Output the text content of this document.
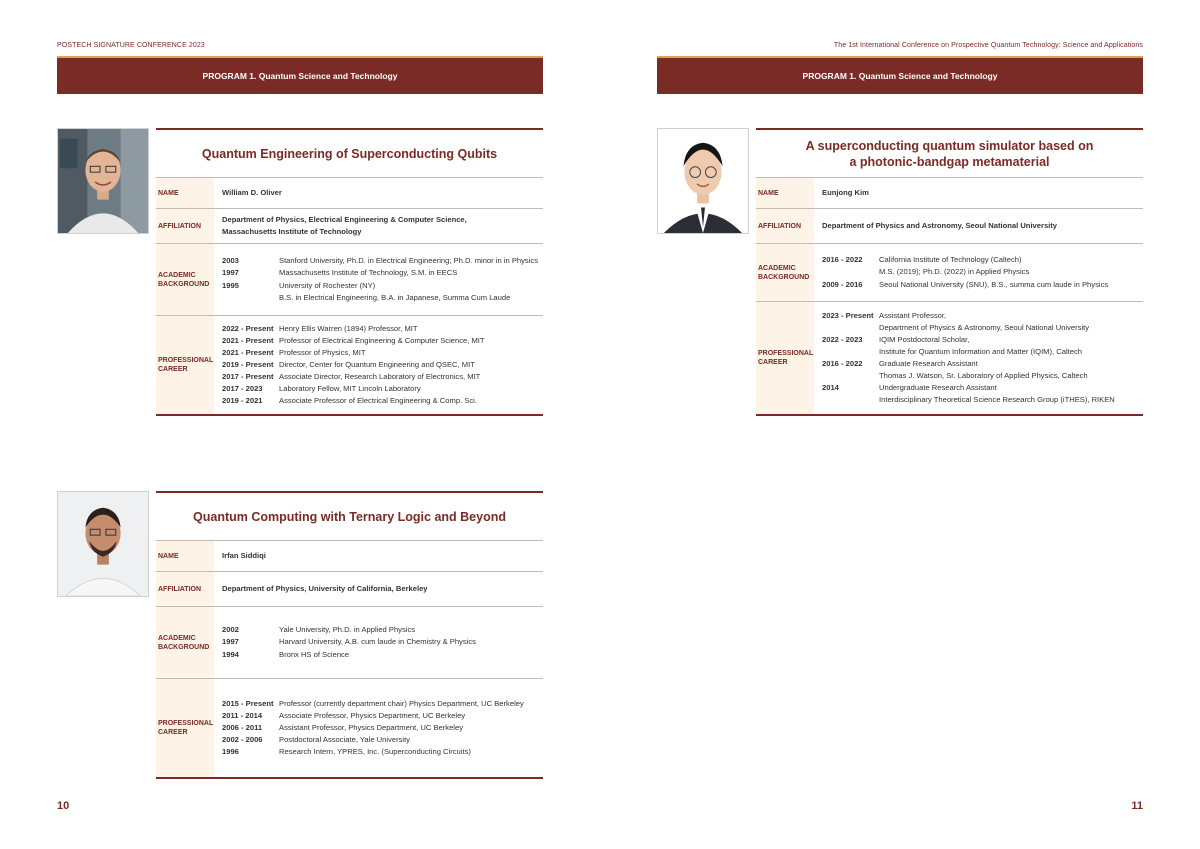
POSTECH SIGNATURE CONFERENCE 2023
PROGRAM 1.
Quantum Science and Technology
Quantum Engineering of Superconducting Qubits
NAME	William D. Oliver
AFFILIATION
Department of Physics, Electrical Engineering & Computer Science,
Massachusetts Institute of Technology
ACADEMIC
BACKGROUND
2003	Stanford University, Ph.D. in Electrical Engineering; Ph.D. minor in in Physics
1997	Massachusetts Institute of Technology, S.M. in EECS
1995	University of Rochester (NY)
B.S. in Electrical Engineering, B.A. in Japanese, Summa Cum Laude
PROFESSIONAL
CAREER
2022 - Present Henry Ellis Warren (1894) Professor, MIT
2021 - Present Professor of Electrical Engineering & Computer Science, MIT
2021 - Present Professor of Physics, MIT
2019 - Present Director, Center for Quantum Engineering and QSEC, MIT
2017 - Present Associate Director, Research Laboratory of Electronics, MIT
2017 - 2023	Laboratory Fellow, MIT Lincoln Laboratory
2019 - 2021	Associate Professor of Electrical Engineering & Comp. Sci.
Quantum Computing with Ternary Logic and Beyond
NAME	Irfan Siddiqi
AFFILIATION	Department of Physics, University of California, Berkeley
ACADEMIC
BACKGROUND
2002	Yale University, Ph.D. in Applied Physics
1997	Harvard University, A.B. cum laude in Chemistry & Physics
1994	Bronx HS of Science
PROFESSIONAL
CAREER
2015 - Present Professor (currently department chair) Physics Department, UC Berkeley
2011 - 2014	Associate Professor, Physics Department, UC Berkeley
2006 - 2011	Assistant Professor, Physics Department, UC Berkeley
2002 - 2006	Postdoctoral Associate, Yale University
1996	Research Intern, YPRES, Inc. (Superconducting Circuits)
10
The 1st International Conference on Prospective Quantum Technology: Science and Applications
PROGRAM 1.
Quantum Science and Technology
A superconducting quantum simulator based on
a photonic-bandgap metamaterial
NAME	Eunjong Kim
AFFILIATION	Department of Physics and Astronomy, Seoul National University
ACADEMIC
BACKGROUND
2016 - 2022	California Institute of Technology (Caltech)
M.S. (2019); Ph.D. (2022) in Applied Physics
2009 - 2016	Seoul National University (SNU), B.S., summa cum laude in Physics
PROFESSIONAL
CAREER
2023 - Present Assistant Professor,
Department of Physics & Astronomy, Seoul National University
2022 - 2023	IQIM Postdoctoral Scholar,
Institute for Quantum Information and Matter (IQIM), Caltech
2016 - 2022	Graduate Research Assistant
Thomas J. Watson, Sr. Laboratory of Applied Physics, Caltech
2014	Undergraduate Research Assistant
Interdisciplinary Theoretical Science Research Group (iTHES), RIKEN
11
